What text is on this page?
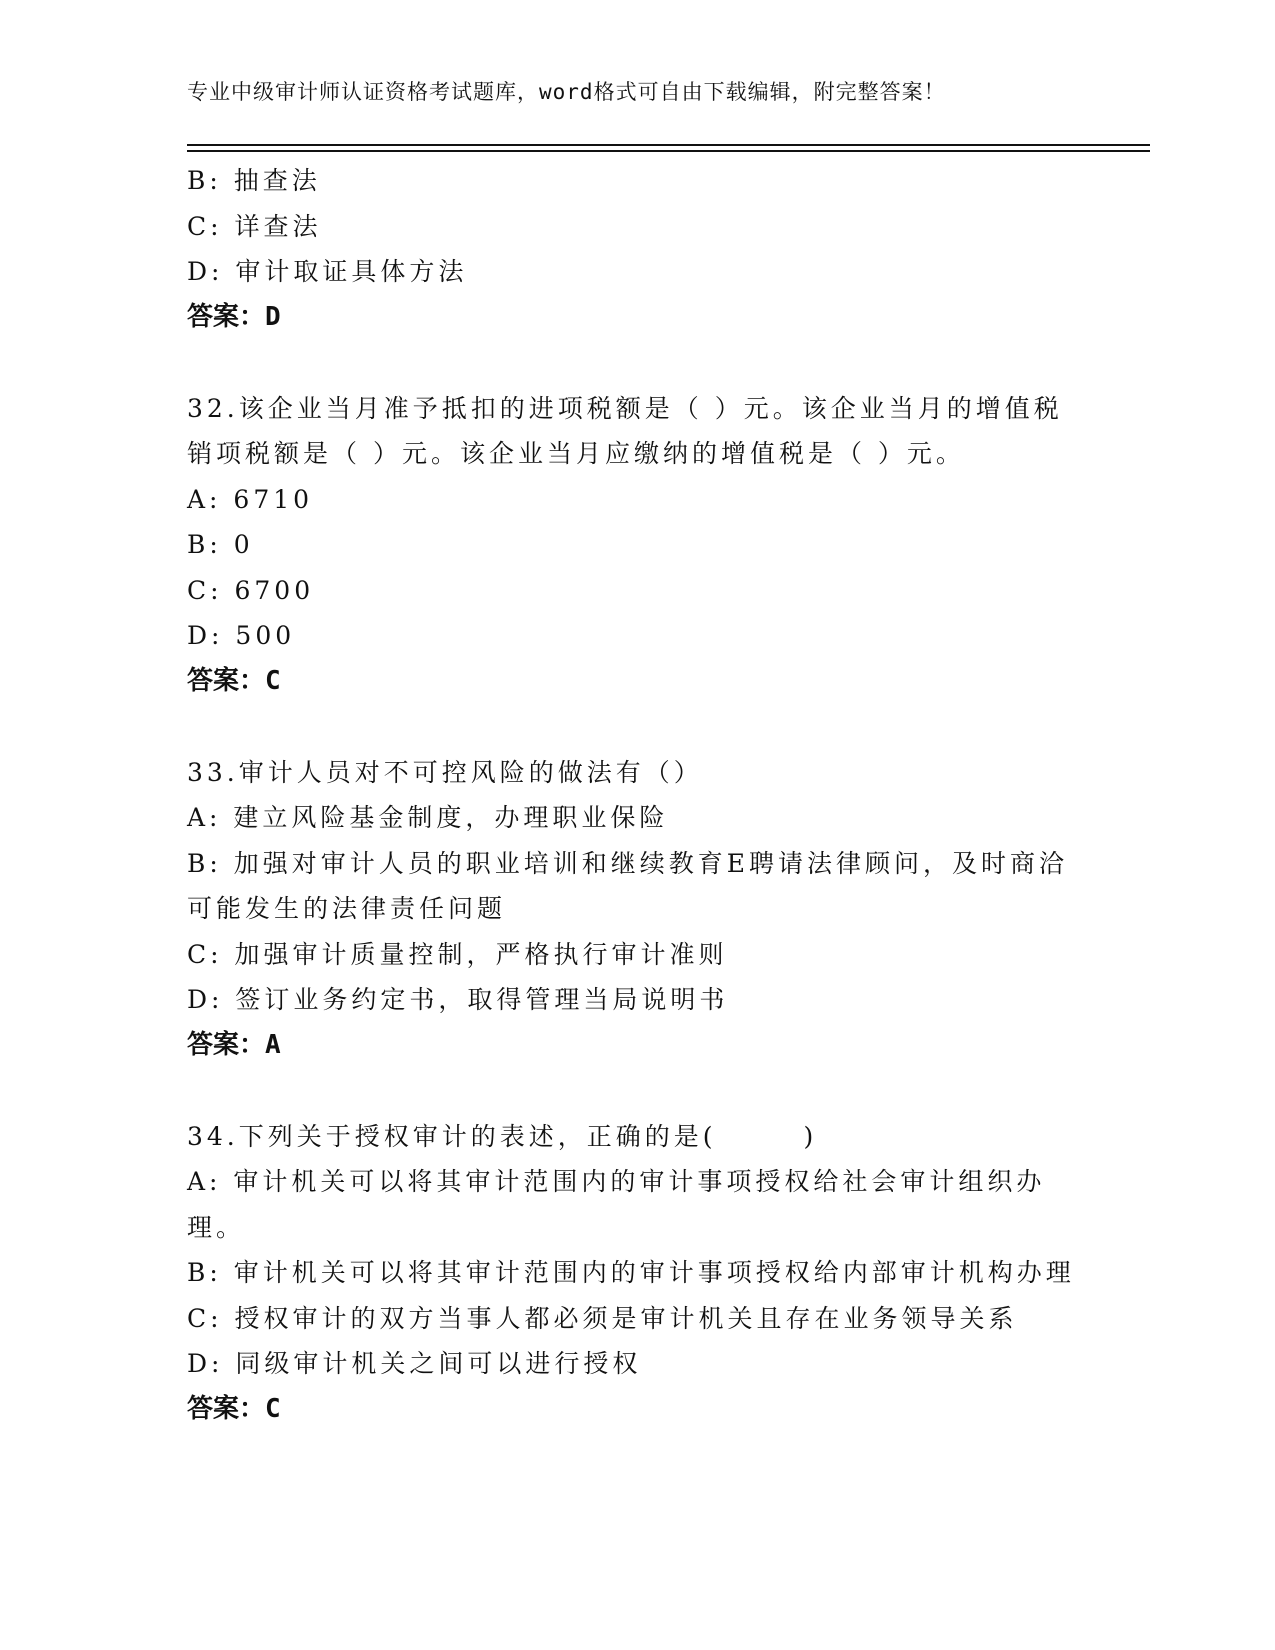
专业中级审计师认证资格考试题库，word格式可自由下载编辑，附完整答案！
B: 抽查法
C: 详查法
D: 审计取证具体方法
答案：D
32.该企业当月准予抵扣的进项税额是（ ）元。该企业当月的增值税销项税额是（ ）元。该企业当月应缴纳的增值税是（ ）元。
A: 6710
B: 0
C: 6700
D: 500
答案：C
33.审计人员对不可控风险的做法有（）
A: 建立风险基金制度，办理职业保险
B: 加强对审计人员的职业培训和继续教育E聘请法律顾问，及时商洽可能发生的法律责任问题
C: 加强审计质量控制，严格执行审计准则
D: 签订业务约定书，取得管理当局说明书
答案：A
34.下列关于授权审计的表述，正确的是(　　　)
A: 审计机关可以将其审计范围内的审计事项授权给社会审计组织办理。
B: 审计机关可以将其审计范围内的审计事项授权给内部审计机构办理
C: 授权审计的双方当事人都必须是审计机关且存在业务领导关系
D: 同级审计机关之间可以进行授权
答案：C
